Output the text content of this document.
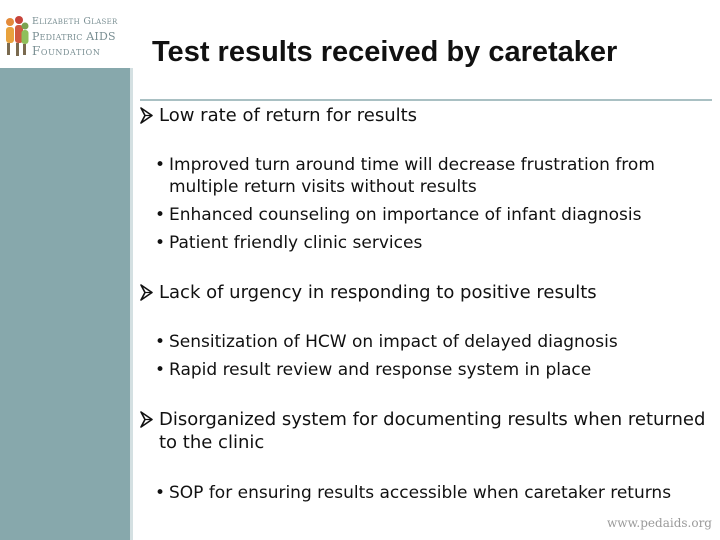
Elizabeth Glaser
Pediatric AIDS
Foundation	Test results received by caretaker
Low rate of return for results
• Improved turn around time will decrease frustration from multiple return visits without results
• Enhanced counseling on importance of infant diagnosis
• Patient friendly clinic services
Lack of urgency in responding to positive results
• Sensitization of HCW on impact of delayed diagnosis
• Rapid result review and response system in place
Disorganized system for documenting results when returned to the clinic
• SOP for ensuring results accessible when caretaker returns
www.pedaids.org
